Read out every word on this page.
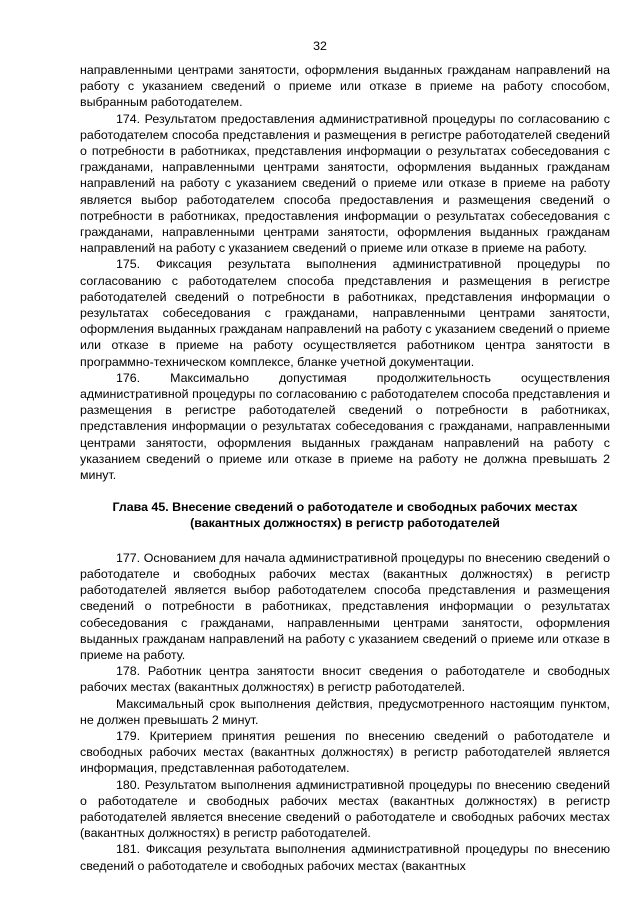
32

направленными центрами занятости, оформления выданных гражданам направлений на работу с указанием сведений о приеме или отказе в приеме на работу способом, выбранным работодателем.

174. Результатом предоставления административной процедуры по согласованию с работодателем способа представления и размещения в регистре работодателей сведений о потребности в работниках, представления информации о результатах собеседования с гражданами, направленными центрами занятости, оформления выданных гражданам направлений на работу с указанием сведений о приеме или отказе в приеме на работу является выбор работодателем способа предоставления и размещения сведений о потребности в работниках, предоставления информации о результатах собеседования с гражданами, направленными центрами занятости, оформления выданных гражданам направлений на работу с указанием сведений о приеме или отказе в приеме на работу.

175. Фиксация результата выполнения административной процедуры по согласованию с работодателем способа представления и размещения в регистре работодателей сведений о потребности в работниках, представления информации о результатах собеседования с гражданами, направленными центрами занятости, оформления выданных гражданам направлений на работу с указанием сведений о приеме или отказе в приеме на работу осуществляется работником центра занятости в программно-техническом комплексе, бланке учетной документации.

176. Максимально допустимая продолжительность осуществления административной процедуры по согласованию с работодателем способа представления и размещения в регистре работодателей сведений о потребности в работниках, представления информации о результатах собеседования с гражданами, направленными центрами занятости, оформления выданных гражданам направлений на работу с указанием сведений о приеме или отказе в приеме на работу не должна превышать 2 минут.

Глава 45. Внесение сведений о работодателе и свободных рабочих местах (вакантных должностях) в регистр работодателей

177. Основанием для начала административной процедуры по внесению сведений о работодателе и свободных рабочих местах (вакантных должностях) в регистр работодателей является выбор работодателем способа представления и размещения сведений о потребности в работниках, представления информации о результатах собеседования с гражданами, направленными центрами занятости, оформления выданных гражданам направлений на работу с указанием сведений о приеме или отказе в приеме на работу.

178. Работник центра занятости вносит сведения о работодателе и свободных рабочих местах (вакантных должностях) в регистр работодателей.

Максимальный срок выполнения действия, предусмотренного настоящим пунктом, не должен превышать 2 минут.

179. Критерием принятия решения по внесению сведений о работодателе и свободных рабочих местах (вакантных должностях) в регистр работодателей является информация, представленная работодателем.

180. Результатом выполнения административной процедуры по внесению сведений о работодателе и свободных рабочих местах (вакантных должностях) в регистр работодателей является внесение сведений о работодателе и свободных рабочих местах (вакантных должностях) в регистр работодателей.

181. Фиксация результата выполнения административной процедуры по внесению сведений о работодателе и свободных рабочих местах (вакантных
